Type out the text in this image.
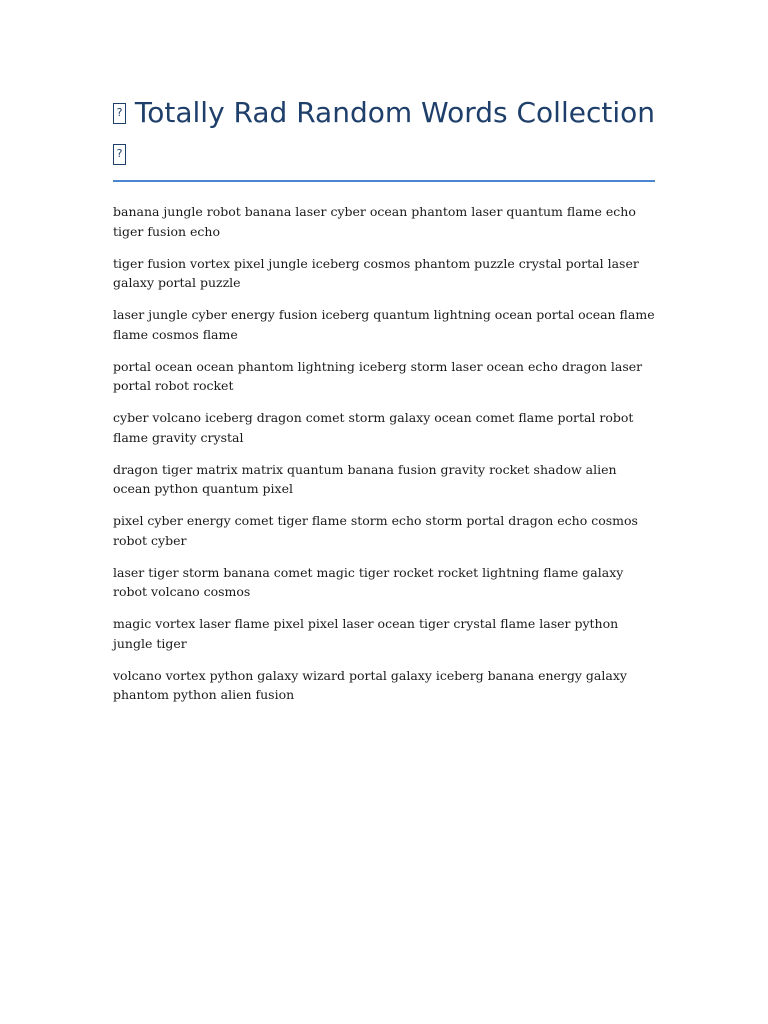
? Totally Rad Random Words Collection ?

banana jungle robot banana laser cyber ocean phantom laser quantum flame echo tiger fusion echo

tiger fusion vortex pixel jungle iceberg cosmos phantom puzzle crystal portal laser galaxy portal puzzle

laser jungle cyber energy fusion iceberg quantum lightning ocean portal ocean flame flame cosmos flame

portal ocean ocean phantom lightning iceberg storm laser ocean echo dragon laser portal robot rocket

cyber volcano iceberg dragon comet storm galaxy ocean comet flame portal robot flame gravity crystal

dragon tiger matrix matrix quantum banana fusion gravity rocket shadow alien ocean python quantum pixel

pixel cyber energy comet tiger flame storm echo storm portal dragon echo cosmos robot cyber

laser tiger storm banana comet magic tiger rocket rocket lightning flame galaxy robot volcano cosmos

magic vortex laser flame pixel pixel laser ocean tiger crystal flame laser python jungle tiger

volcano vortex python galaxy wizard portal galaxy iceberg banana energy galaxy phantom python alien fusion
